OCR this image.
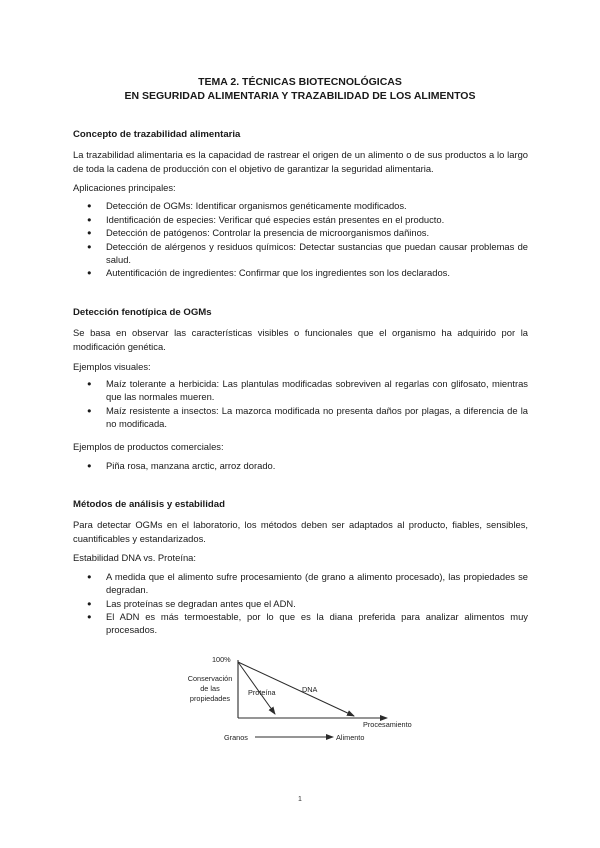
TEMA 2. TÉCNICAS BIOTECNOLÓGICAS
EN SEGURIDAD ALIMENTARIA Y TRAZABILIDAD DE LOS ALIMENTOS
Concepto de trazabilidad alimentaria
La trazabilidad alimentaria es la capacidad de rastrear el origen de un alimento o de sus productos a lo largo de toda la cadena de producción con el objetivo de garantizar la seguridad alimentaria.
Aplicaciones principales:
● Detección de OGMs: Identificar organismos genéticamente modificados.
● Identificación de especies: Verificar qué especies están presentes en el producto.
● Detección de patógenos: Controlar la presencia de microorganismos dañinos.
● Detección de alérgenos y residuos químicos: Detectar sustancias que puedan causar problemas de salud.
● Autentificación de ingredientes: Confirmar que los ingredientes son los declarados.
Detección fenotípica de OGMs
Se basa en observar las características visibles o funcionales que el organismo ha adquirido por la modificación genética.
Ejemplos visuales:
● Maíz tolerante a herbicida: Las plantulas modificadas sobreviven al regarlas con glifosato, mientras que las normales mueren.
● Maíz resistente a insectos: La mazorca modificada no presenta daños por plagas, a diferencia de la no modificada.
Ejemplos de productos comerciales:
● Piña rosa, manzana arctic, arroz dorado.
Métodos de análisis y estabilidad
Para detectar OGMs en el laboratorio, los métodos deben ser adaptados al producto, fiables, sensibles, cuantificables y estandarizados.
Estabilidad DNA vs. Proteína:
● A medida que el alimento sufre procesamiento (de grano a alimento procesado), las propiedades se degradan.
● Las proteínas se degradan antes que el ADN.
● El ADN es más termoestable, por lo que es la diana preferida para analizar alimentos muy procesados.
100%
Conservación
de las
propiedades
Proteína	DNA
Procesamiento
Granos	Alimento
1
